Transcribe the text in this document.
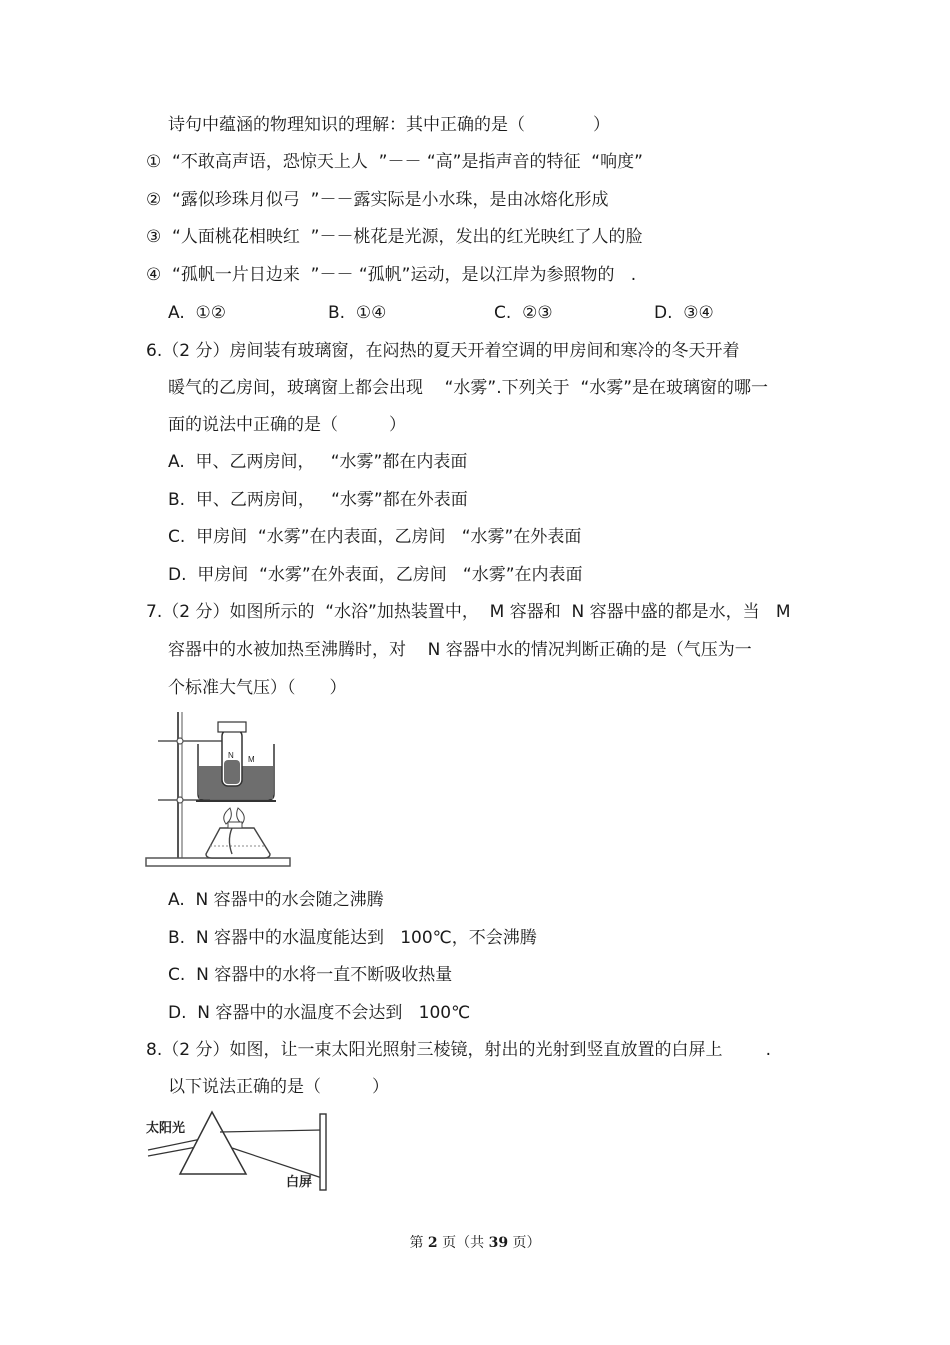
诗句中蕴涵的物理知识的理解：其中正确的是（　　　　）
①  “不敢高声语，恐惊天上人  ”－－ “高”是指声音的特征  “响度”
②  “露似珍珠月似弓  ”－－露实际是小水珠，是由冰熔化形成
③  “人面桃花相映红  ”－－桃花是光源，发出的红光映红了人的脸
④  “孤帆一片日边来  ”－－ “孤帆”运动，是以江岸为参照物的   .
A.  ①②	B.  ①④	C.  ②③	D.  ③④
6.（2 分）房间装有玻璃窗，在闷热的夏天开着空调的甲房间和寒冷的冬天开着
暖气的乙房间，玻璃窗上都会出现    “水雾”.下列关于  “水雾”是在玻璃窗的哪一
面的说法中正确的是（　　　）
A.  甲、乙两房间，   “水雾”都在内表面
B.  甲、乙两房间，   “水雾”都在外表面
C.  甲房间  “水雾”在内表面，乙房间   “水雾”在外表面
D.  甲房间  “水雾”在外表面，乙房间   “水雾”在内表面
7.（2 分）如图所示的  “水浴”加热装置中，  M 容器和  N 容器中盛的都是水，当   M
容器中的水被加热至沸腾时，对    N 容器中水的情况判断正确的是（气压为一
个标准大气压）（　　）
N M
A.  N 容器中的水会随之沸腾
B.  N 容器中的水温度能达到   100℃，不会沸腾
C.  N 容器中的水将一直不断吸收热量
D.  N 容器中的水温度不会达到   100℃
8.（2 分）如图，让一束太阳光照射三棱镜，射出的光射到竖直放置的白屏上        .
以下说法正确的是（　　　）
太阳光
白屏
第 2 页（共 39 页）
